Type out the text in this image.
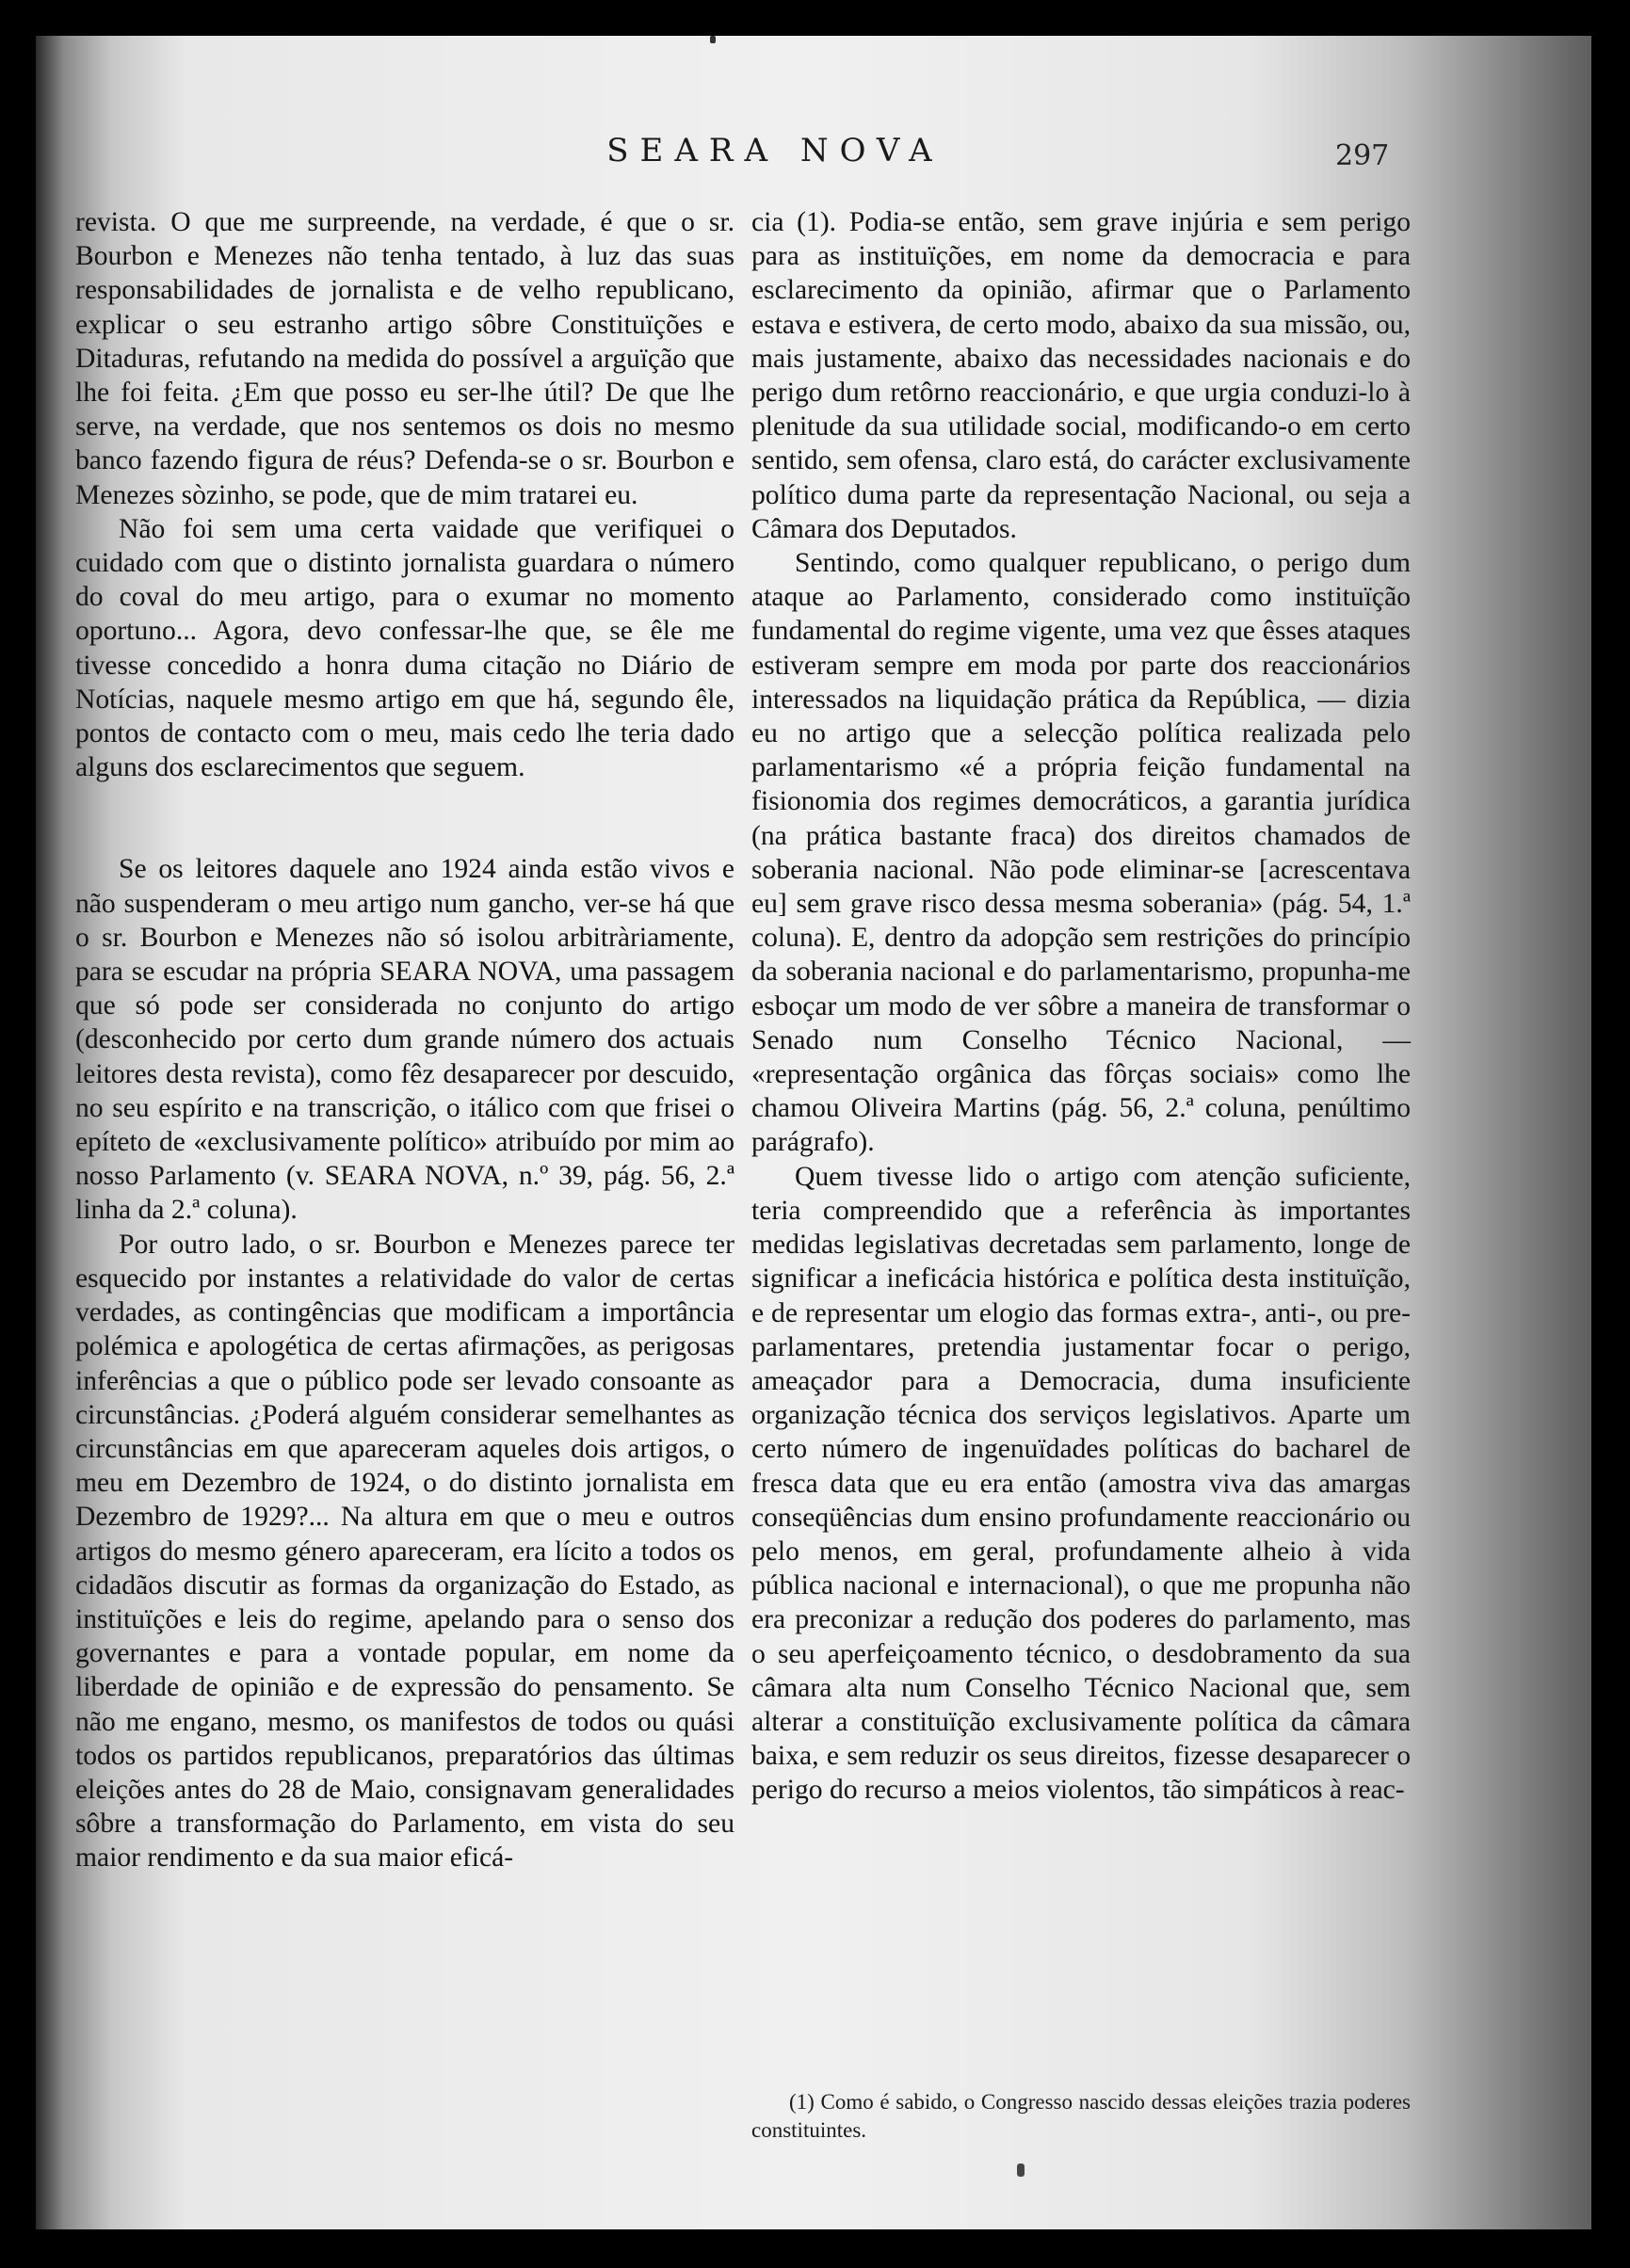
SEARA NOVA	297

revista. O que me surpreende, na verdade, é que o sr. Bourbon e Menezes não tenha tentado, à luz das suas responsabilidades de jornalista e de velho republicano, explicar o seu estranho artigo sôbre Constituïções e Ditaduras, refutando na medida do possível a arguïção que lhe foi feita. ¿Em que posso eu ser-lhe útil? De que lhe serve, na verdade, que nos sentemos os dois no mesmo banco fazendo figura de réus? Defenda-se o sr. Bourbon e Menezes sòzinho, se pode, que de mim tratarei eu.

Não foi sem uma certa vaidade que verifiquei o cuidado com que o distinto jornalista guardara o número do coval do meu artigo, para o exumar no momento oportuno... Agora, devo confessar-lhe que, se êle me tivesse concedido a honra duma citação no Diário de Notícias, naquele mesmo artigo em que há, segundo êle, pontos de contacto com o meu, mais cedo lhe teria dado alguns dos esclarecimentos que seguem.

Se os leitores daquele ano 1924 ainda estão vivos e não suspenderam o meu artigo num gancho, ver-se há que o sr. Bourbon e Menezes não só isolou arbitràriamente, para se escudar na própria SEARA NOVA, uma passagem que só pode ser considerada no conjunto do artigo (desconhecido por certo dum grande número dos actuais leitores desta revista), como fêz desaparecer por descuido, no seu espírito e na transcrição, o itálico com que frisei o epíteto de «exclusivamente político» atribuído por mim ao nosso Parlamento (v. SEARA NOVA, n.º 39, pág. 56, 2.ª linha da 2.ª coluna).

Por outro lado, o sr. Bourbon e Menezes parece ter esquecido por instantes a relatividade do valor de certas verdades, as contingências que modificam a importância polémica e apologética de certas afirmações, as perigosas inferências a que o público pode ser levado consoante as circunstâncias. ¿Poderá alguém considerar semelhantes as circunstâncias em que apareceram aqueles dois artigos, o meu em Dezembro de 1924, o do distinto jornalista em Dezembro de 1929?... Na altura em que o meu e outros artigos do mesmo género apareceram, era lícito a todos os cidadãos discutir as formas da organização do Estado, as instituïções e leis do regime, apelando para o senso dos governantes e para a vontade popular, em nome da liberdade de opinião e de expressão do pensamento. Se não me engano, mesmo, os manifestos de todos ou quási todos os partidos republicanos, preparatórios das últimas eleições antes do 28 de Maio, consignavam generalidades sôbre a transformação do Parlamento, em vista do seu maior rendimento e da sua maior eficá-

cia (1). Podia-se então, sem grave injúria e sem perigo para as instituïções, em nome da democracia e para esclarecimento da opinião, afirmar que o Parlamento estava e estivera, de certo modo, abaixo da sua missão, ou, mais justamente, abaixo das necessidades nacionais e do perigo dum retôrno reaccionário, e que urgia conduzi-lo à plenitude da sua utilidade social, modificando-o em certo sentido, sem ofensa, claro está, do carácter exclusivamente político duma parte da representação Nacional, ou seja a Câmara dos Deputados.

Sentindo, como qualquer republicano, o perigo dum ataque ao Parlamento, considerado como instituïção fundamental do regime vigente, uma vez que êsses ataques estiveram sempre em moda por parte dos reaccionários interessados na liquidação prática da República, — dizia eu no artigo que a selecção política realizada pelo parlamentarismo «é a própria feição fundamental na fisionomia dos regimes democráticos, a garantia jurídica (na prática bastante fraca) dos direitos chamados de soberania nacional. Não pode eliminar-se [acrescentava eu] sem grave risco dessa mesma soberania» (pág. 54, 1.ª coluna). E, dentro da adopção sem restrições do princípio da soberania nacional e do parlamentarismo, propunha-me esboçar um modo de ver sôbre a maneira de transformar o Senado num Conselho Técnico Nacional, — «representação orgânica das fôrças sociais» como lhe chamou Oliveira Martins (pág. 56, 2.ª coluna, penúltimo parágrafo).

Quem tivesse lido o artigo com atenção suficiente, teria compreendido que a referência às importantes medidas legislativas decretadas sem parlamento, longe de significar a ineficácia histórica e política desta instituïção, e de representar um elogio das formas extra-, anti-, ou pre-parlamentares, pretendia justamentar focar o perigo, ameaçador para a Democracia, duma insuficiente organização técnica dos serviços legislativos. Aparte um certo número de ingenuïdades políticas do bacharel de fresca data que eu era então (amostra viva das amargas conseqüências dum ensino profundamente reaccionário ou pelo menos, em geral, profundamente alheio à vida pública nacional e internacional), o que me propunha não era preconizar a redução dos poderes do parlamento, mas o seu aperfeiçoamento técnico, o desdobramento da sua câmara alta num Conselho Técnico Nacional que, sem alterar a constituïção exclusivamente política da câmara baixa, e sem reduzir os seus direitos, fizesse desaparecer o perigo do recurso a meios violentos, tão simpáticos à reac-

(1) Como é sabido, o Congresso nascido dessas eleições trazia poderes constituintes.
